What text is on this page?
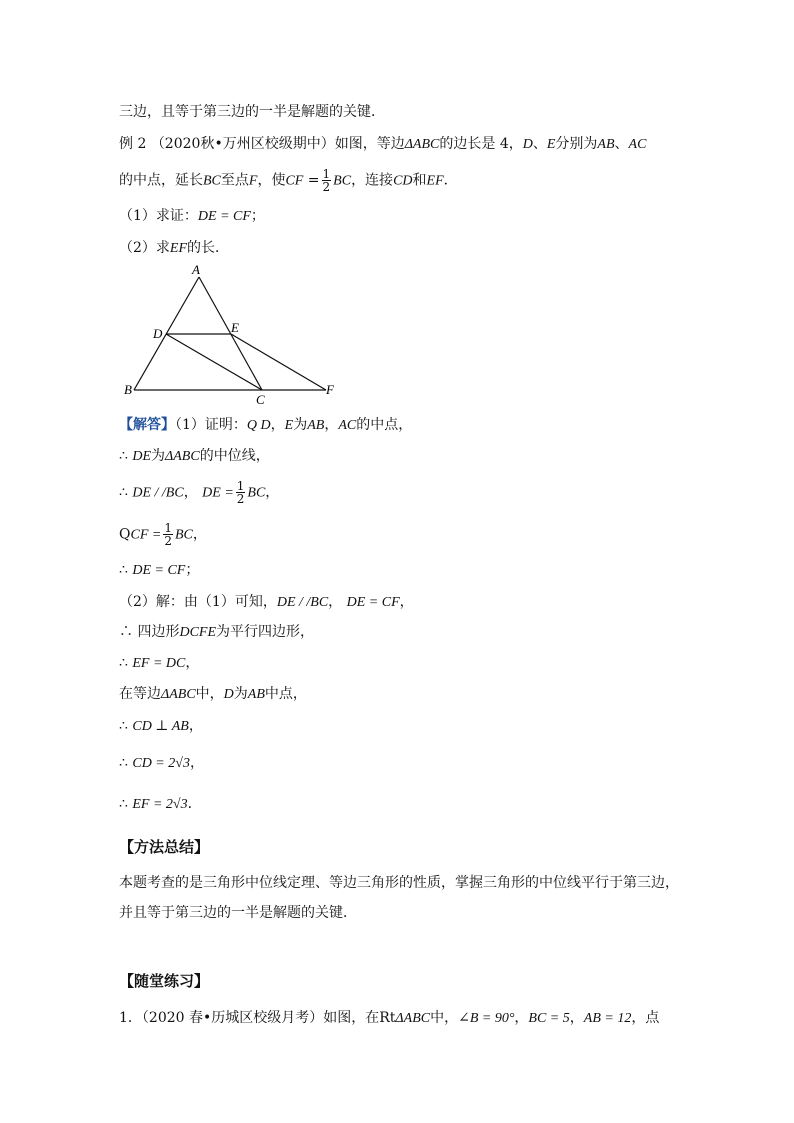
三边，且等于第三边的一半是解题的关键．
例 2 （2020秋•万州区校级期中）如图，等边ΔABC的边长是 4，D、E分别为AB、AC
的中点，延长BC至点F，使CF = $\frac{1}{2}$ BC，连接CD和EF．
（1）求证：DE = CF；
（2）求EF的长．
A
B
C
D	E
F
【解答】（1）证明：Q D，E为AB，AC的中点，
∴ DE为ΔABC的中位线，
∴ DE / /BC， DE = $\frac{1}{2}$ BC，
QCF = $\frac{1}{2}$ BC，
∴ DE = CF；
（2）解：由（1）可知，DE / /BC， DE = CF，
∴ 四边形DCFE为平行四边形，
∴ EF = DC，
在等边ΔABC中，D为AB中点，
∴ CD ⊥ AB，
∴ CD = 2√3，
∴ EF = 2√3．
【方法总结】
本题考查的是三角形中位线定理、等边三角形的性质，掌握三角形的中位线平行于第三边，并且等于第三边的一半是解题的关键．
【随堂练习】
1．（2020 春•历城区校级月考）如图，在RtΔABC中，∠B = 90°，BC = 5，AB = 12，点
